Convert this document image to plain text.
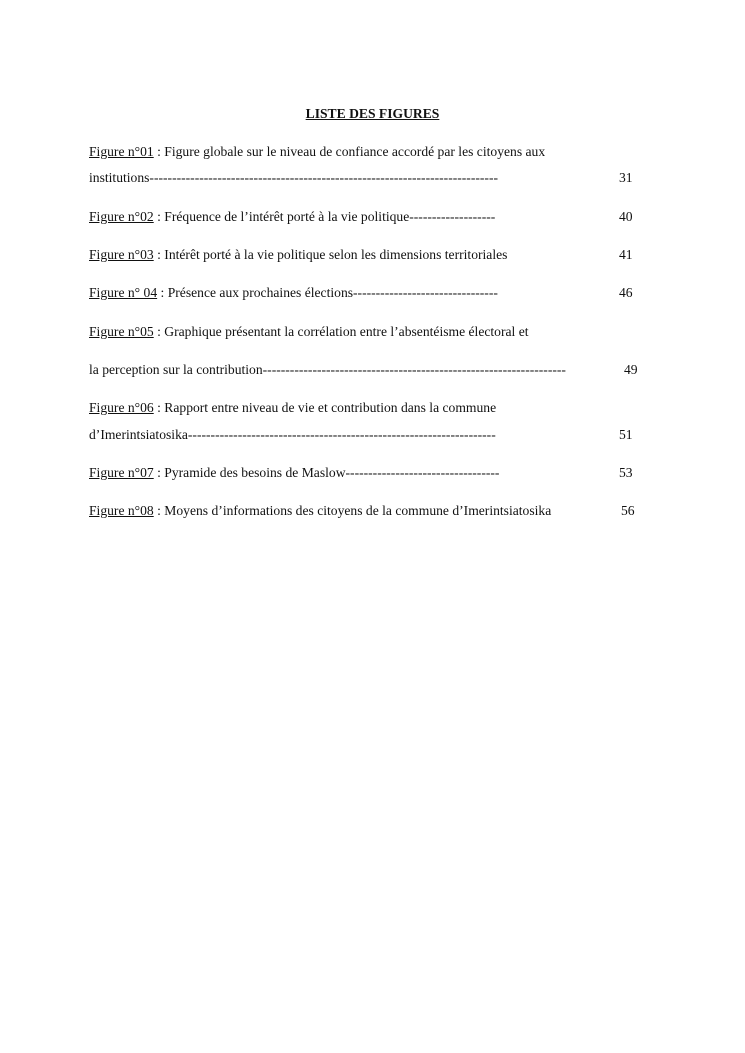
LISTE DES FIGURES
Figure n°01 : Figure globale sur le niveau de confiance accordé par les citoyens aux
institutions-----------------------------------------------------------------------------	31
Figure n°02 : Fréquence de l’intérêt porté à la vie politique-------------------	40
Figure n°03 : Intérêt porté à la vie politique selon les dimensions territoriales	41
Figure n° 04 : Présence aux prochaines élections--------------------------------	46
Figure n°05 : Graphique présentant la corrélation entre l’absentéisme électoral et
la perception sur la contribution-------------------------------------------------------------------	49
Figure n°06 : Rapport entre niveau de vie et contribution dans la commune
d’Imerintsiatosika--------------------------------------------------------------------	51
Figure n°07 : Pyramide des besoins de Maslow----------------------------------	53
Figure n°08 : Moyens d’informations des citoyens de la commune d’Imerintsiatosika	56
